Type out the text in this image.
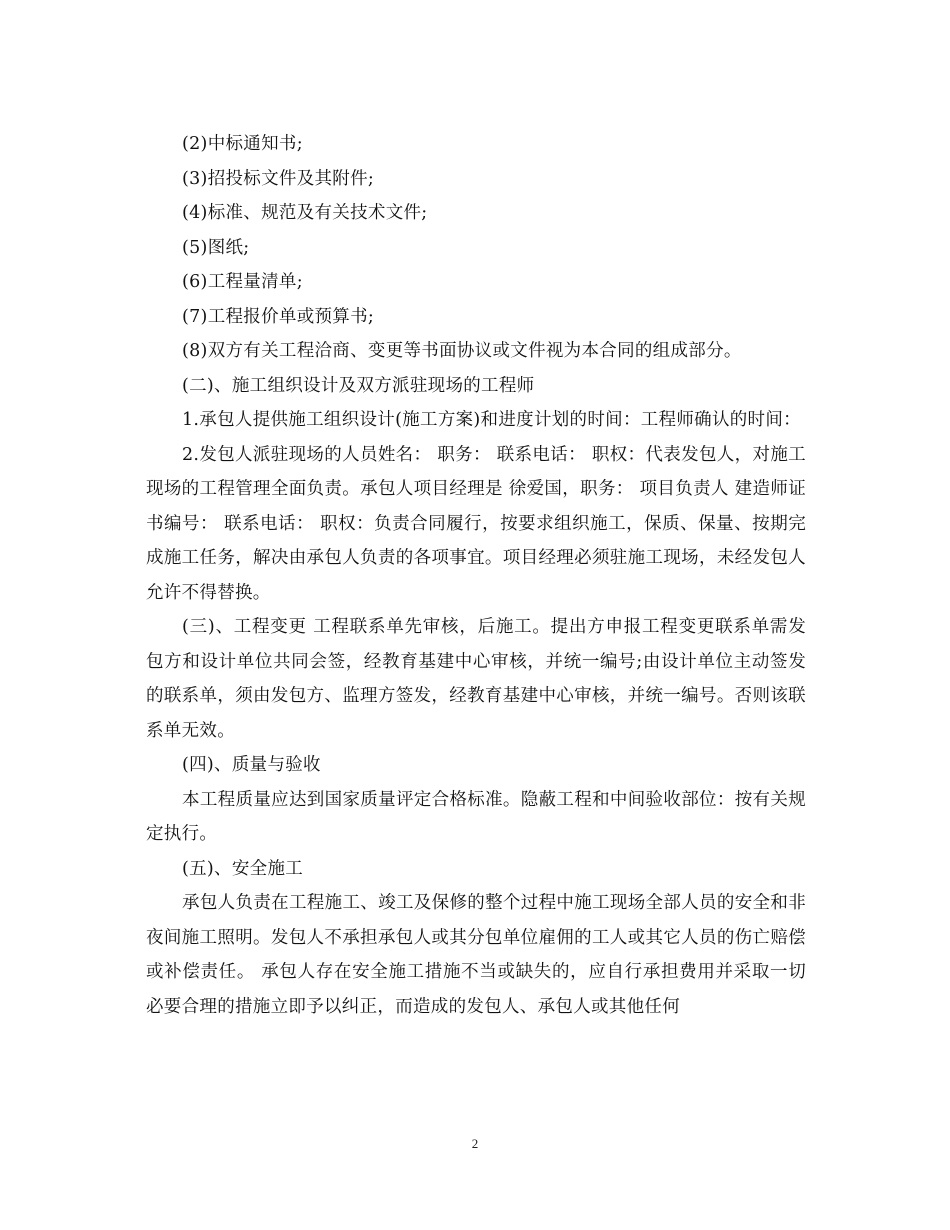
(2)中标通知书;

(3)招投标文件及其附件;

(4)标准、规范及有关技术文件;

(5)图纸;

(6)工程量清单;

(7)工程报价单或预算书;

(8)双方有关工程洽商、变更等书面协议或文件视为本合同的组成部分。

(二)、施工组织设计及双方派驻现场的工程师

1.承包人提供施工组织设计(施工方案)和进度计划的时间：工程师确认的时间：

2.发包人派驻现场的人员姓名： 职务： 联系电话： 职权：代表发包人，对施工现场的工程管理全面负责。承包人项目经理是 徐爱国，职务： 项目负责人 建造师证书编号： 联系电话： 职权：负责合同履行，按要求组织施工，保质、保量、按期完成施工任务，解决由承包人负责的各项事宜。项目经理必须驻施工现场，未经发包人允许不得替换。

(三)、工程变更 工程联系单先审核，后施工。提出方申报工程变更联系单需发包方和设计单位共同会签，经教育基建中心审核，并统一编号;由设计单位主动签发的联系单，须由发包方、监理方签发，经教育基建中心审核，并统一编号。否则该联系单无效。

(四)、质量与验收

本工程质量应达到国家质量评定合格标准。隐蔽工程和中间验收部位：按有关规定执行。

(五)、安全施工

承包人负责在工程施工、竣工及保修的整个过程中施工现场全部人员的安全和非夜间施工照明。发包人不承担承包人或其分包单位雇佣的工人或其它人员的伤亡赔偿或补偿责任。 承包人存在安全施工措施不当或缺失的，应自行承担费用并采取一切必要合理的措施立即予以纠正，而造成的发包人、承包人或其他任何

2
